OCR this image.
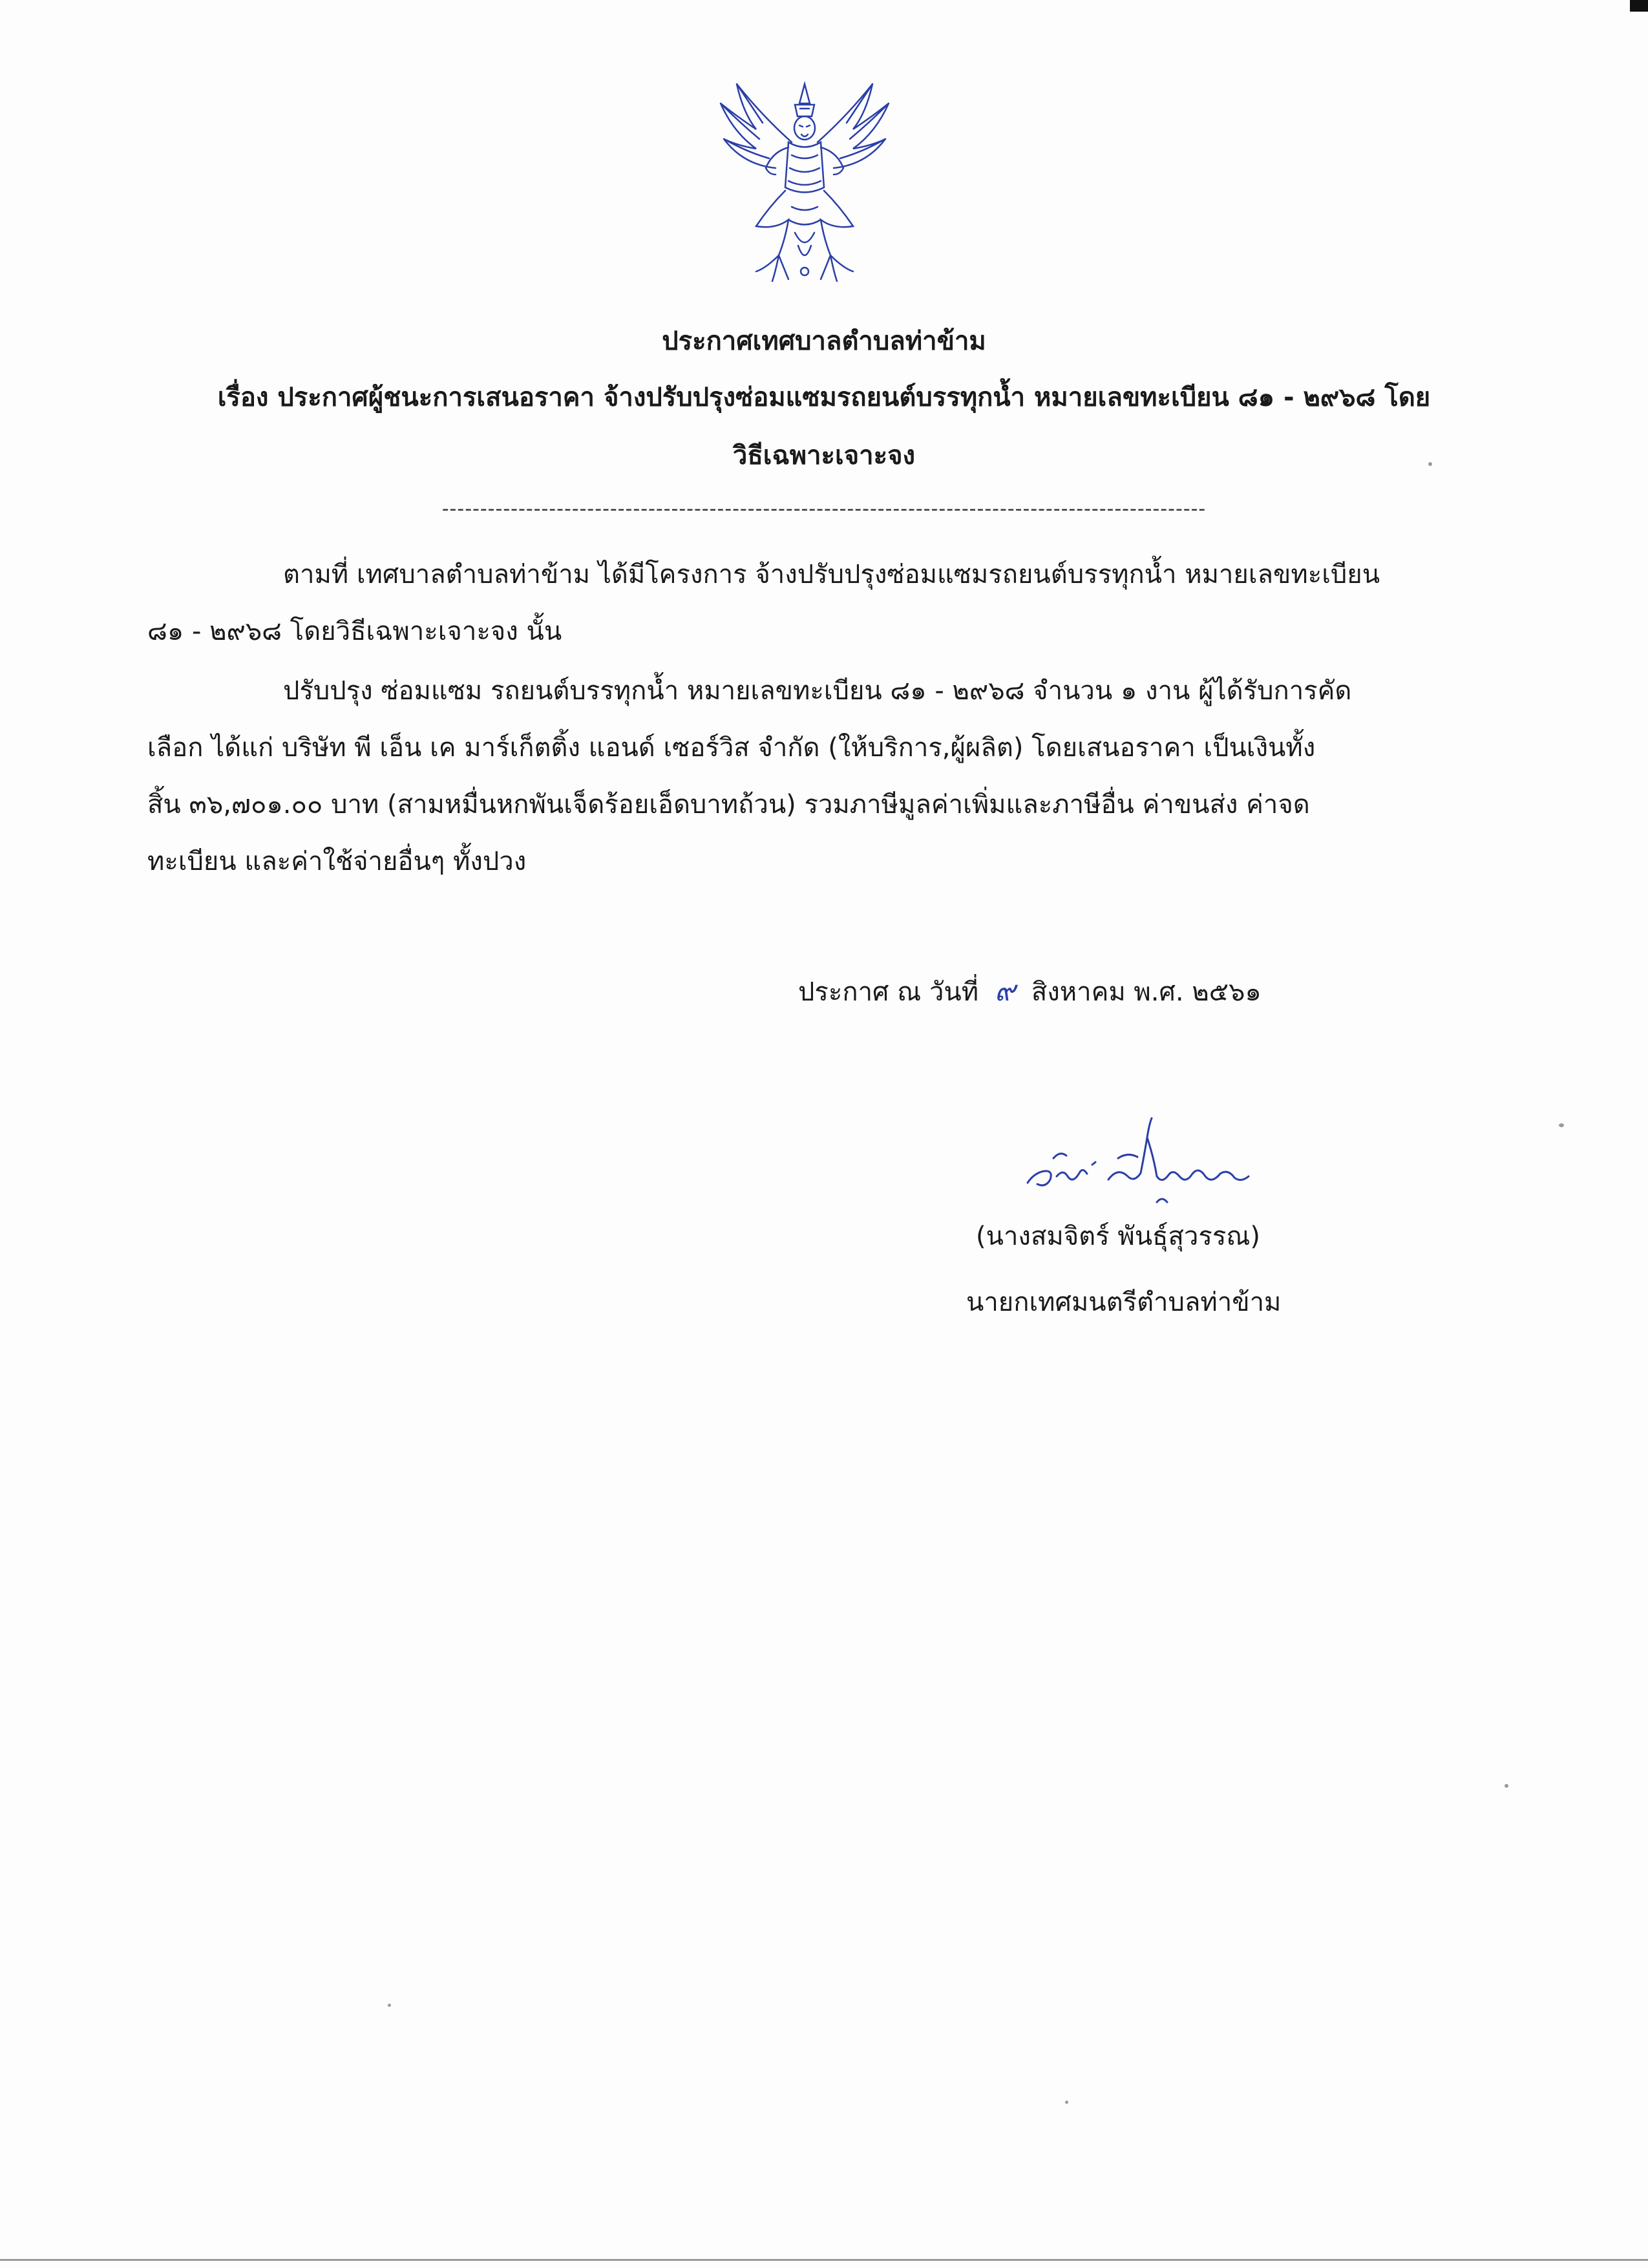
ประกาศเทศบาลตำบลท่าข้าม
เรื่อง ประกาศผู้ชนะการเสนอราคา จ้างปรับปรุงซ่อมแซมรถยนต์บรรทุกน้ำ หมายเลขทะเบียน ๘๑ - ๒๙๖๘ โดย
วิธีเฉพาะเจาะจง
----------------------------------------------------------------------------------------------------
ตามที่ เทศบาลตำบลท่าข้าม ได้มีโครงการ จ้างปรับปรุงซ่อมแซมรถยนต์บรรทุกน้ำ หมายเลขทะเบียน
๘๑ - ๒๙๖๘ โดยวิธีเฉพาะเจาะจง นั้น
ปรับปรุง ซ่อมแซม รถยนต์บรรทุกน้ำ หมายเลขทะเบียน ๘๑ - ๒๙๖๘ จำนวน ๑ งาน ผู้ได้รับการคัด
เลือก ได้แก่ บริษัท พี เอ็น เค มาร์เก็ตติ้ง แอนด์ เซอร์วิส จำกัด (ให้บริการ,ผู้ผลิต) โดยเสนอราคา เป็นเงินทั้ง
สิ้น ๓๖,๗๐๑.๐๐ บาท (สามหมื่นหกพันเจ็ดร้อยเอ็ดบาทถ้วน) รวมภาษีมูลค่าเพิ่มและภาษีอื่น ค่าขนส่ง ค่าจด
ทะเบียน และค่าใช้จ่ายอื่นๆ ทั้งปวง
ประกาศ ณ วันที่ ๙ สิงหาคม พ.ศ. ๒๕๖๑
(นางสมจิตร์ พันธุ์สุวรรณ)
นายกเทศมนตรีตำบลท่าข้าม
